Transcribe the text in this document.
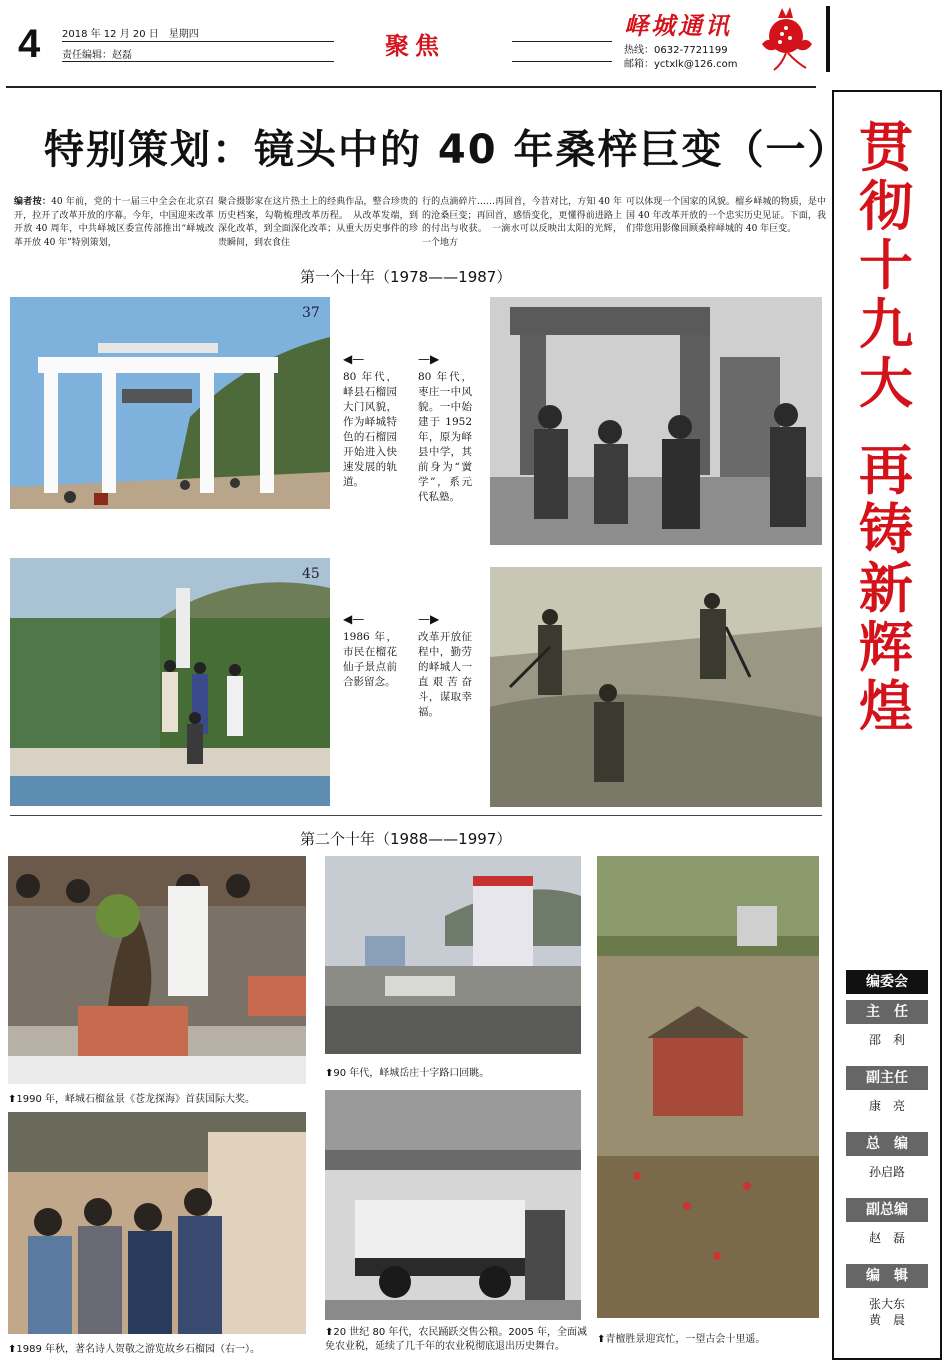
4 2018 年 12 月 20 日　星期四
责任编辑：赵磊	聚焦
峄城通讯
热线：0632-7721199
邮箱：yctxlk@126.com
特别策划：镜头中的 40 年桑梓巨变（一）
编者按：40 年前，党的十一届三中全会在北京召开，拉开了改革开放的序幕。今年，中国迎来改革开放 40 周年，中共峄城区委宣传部推出“峄城改革开放 40 年”特别策划，
聚合摄影家在这片热土上的经典作品，整合珍贵的历史档案，勾勒梳理改革历程。　从改革发端，到深化改革，到全面深化改革；从重大历史事件的珍贵瞬间，到农食住
行的点滴碎片……再回首，今昔对比，方知 40 年的沧桑巨变；再回首，感悟变化，更懂得前进路上的付出与收获。　一滴水可以反映出太阳的光辉，一个地方
可以体现一个国家的风貌。榴乡峄城的物质，是中国 40 年改革开放的一个忠实历史见证。下面，我们带您用影像回顾桑梓峄城的 40 年巨变。
第一个十年（1978——1987）
37
◀—
80 年代，峄县石榴园大门风貌，作为峄城特色的石榴园开始进入快速发展的轨道。
—▶
80 年代，枣庄一中风貌。一中始建于 1952 年，原为峄县中学，其前身为“黉学”，系元代私塾。
45
◀—
1986 年，市民在榴花仙子景点前合影留念。
—▶
改革开放征程中，勤劳的峄城人一直艰苦奋斗，谋取幸福。
第二个十年（1988——1997）
⬆1990 年，峄城石榴盆景《苍龙探海》首获国际大奖。
⬆90 年代，峄城岳庄十字路口回眺。
⬆1989 年秋，著名诗人贺敬之游览故乡石榴园（右一）。
⬆20 世纪 80 年代，农民踊跃交售公粮。2005 年，全面减免农业税，延续了几千年的农业税彻底退出历史舞台。
⬆青檀胜景迎宾忙，一望古会十里遥。
贯
彻
十
九
大
再
铸
新
辉
煌
编委会
主　任
邵　利
副主任
康　亮
总　编
孙启路
副总编
赵　磊
编　辑
张大东
黄　晨
